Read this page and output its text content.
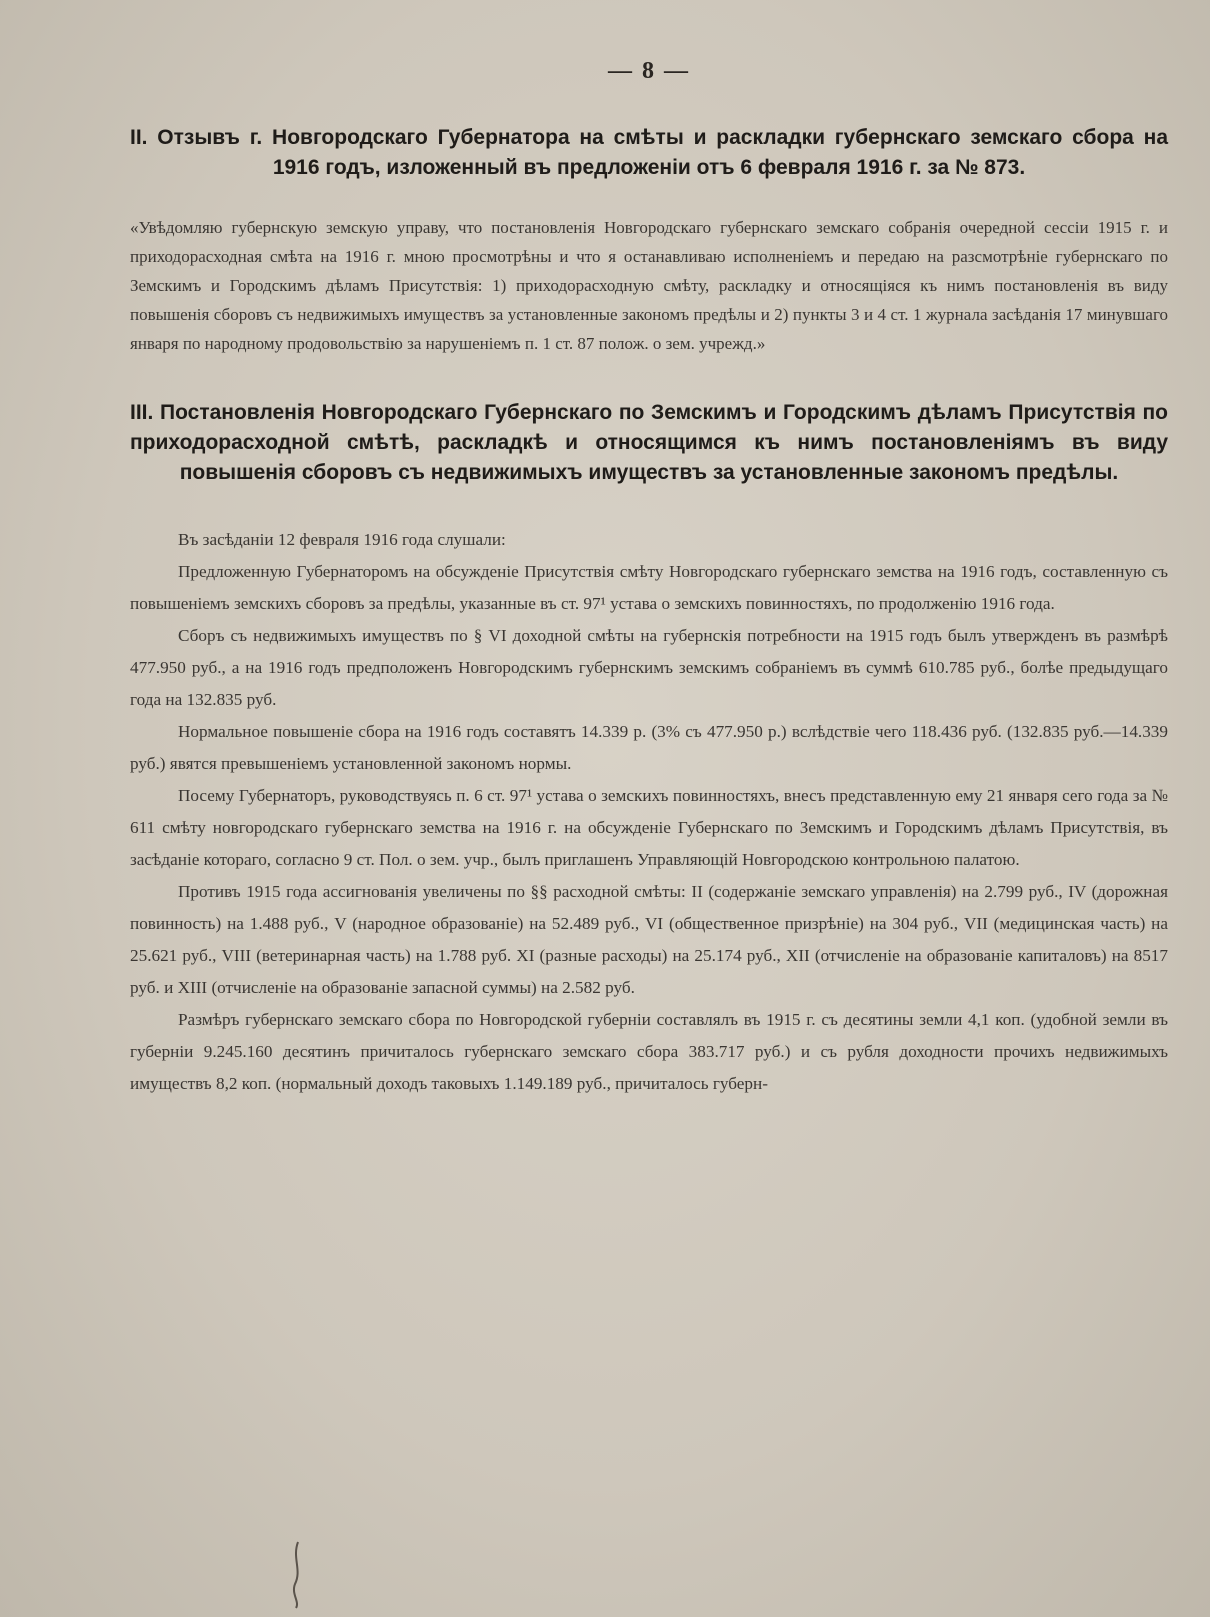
— 8 —
II. Отзывъ г. Новгородскаго Губернатора на смѣты и раскладки губернскаго земскаго сбора на 1916 годъ, изложенный въ предложеніи отъ 6 февраля 1916 г. за № 873.

«Увѣдомляю губернскую земскую управу, что постановленія Новгородскаго губернскаго земскаго собранія очередной сессіи 1915 г. и приходорасходная смѣта на 1916 г. мною просмотрѣны и что я останавливаю исполненіемъ и передаю на разсмотрѣніе губернскаго по Земскимъ и Городскимъ дѣламъ Присутствія: 1) приходорасходную смѣту, раскладку и относящіяся къ нимъ постановленія въ виду повышенія сборовъ съ недвижимыхъ имуществъ за установленные закономъ предѣлы и 2) пункты 3 и 4 ст. 1 журнала засѣданія 17 минувшаго января по народному продовольствію за нарушеніемъ п. 1 ст. 87 полож. о зем. учрежд.»

III. Постановленія Новгородскаго Губернскаго по Земскимъ и Городскимъ дѣламъ Присутствія по приходорасходной смѣтѣ, раскладкѣ и относящимся къ нимъ постановленіямъ въ виду повышенія сборовъ съ недвижимыхъ имуществъ за установленные закономъ предѣлы.

Въ засѣданіи 12 февраля 1916 года слушали:

Предложенную Губернаторомъ на обсужденіе Присутствія смѣту Новгородскаго губернскаго земства на 1916 годъ, составленную съ повышеніемъ земскихъ сборовъ за предѣлы, указанные въ ст. 97¹ устава о земскихъ повинностяхъ, по продолженію 1916 года.

Сборъ съ недвижимыхъ имуществъ по § VI доходной смѣты на губернскія потребности на 1915 годъ былъ утвержденъ въ размѣрѣ 477.950 руб., а на 1916 годъ предположенъ Новгородскимъ губернскимъ земскимъ собраніемъ въ суммѣ 610.785 руб., болѣе предыдущаго года на 132.835 руб.

Нормальное повышеніе сбора на 1916 годъ составятъ 14.339 р. (3% съ 477.950 р.) вслѣдствіе чего 118.436 руб. (132.835 руб.—14.339 руб.) явятся превышеніемъ установленной закономъ нормы.

Посему Губернаторъ, руководствуясь п. 6 ст. 97¹ устава о земскихъ повинностяхъ, внесъ представленную ему 21 января сего года за № 611 смѣту новгородскаго губернскаго земства на 1916 г. на обсужденіе Губернскаго по Земскимъ и Городскимъ дѣламъ Присутствія, въ засѣданіе котораго, согласно 9 ст. Пол. о зем. учр., былъ приглашенъ Управляющій Новгородскою контрольною палатою.

Противъ 1915 года ассигнованія увеличены по §§ расходной смѣты: II (содержаніе земскаго управленія) на 2.799 руб., IV (дорожная повинность) на 1.488 руб., V (народное образованіе) на 52.489 руб., VI (общественное призрѣніе) на 304 руб., VII (медицинская часть) на 25.621 руб., VIII (ветеринарная часть) на 1.788 руб. XI (разные расходы) на 25.174 руб., XII (отчисленіе на образованіе капиталовъ) на 8517 руб. и XIII (отчисленіе на образованіе запасной суммы) на 2.582 руб.

Размѣръ губернскаго земскаго сбора по Новгородской губерніи составлялъ въ 1915 г. съ десятины земли 4,1 коп. (удобной земли въ губерніи 9.245.160 десятинъ причиталось губернскаго земскаго сбора 383.717 руб.) и съ рубля доходности прочихъ недвижимыхъ имуществъ 8,2 коп. (нормальный доходъ таковыхъ 1.149.189 руб., причиталось губерн-
